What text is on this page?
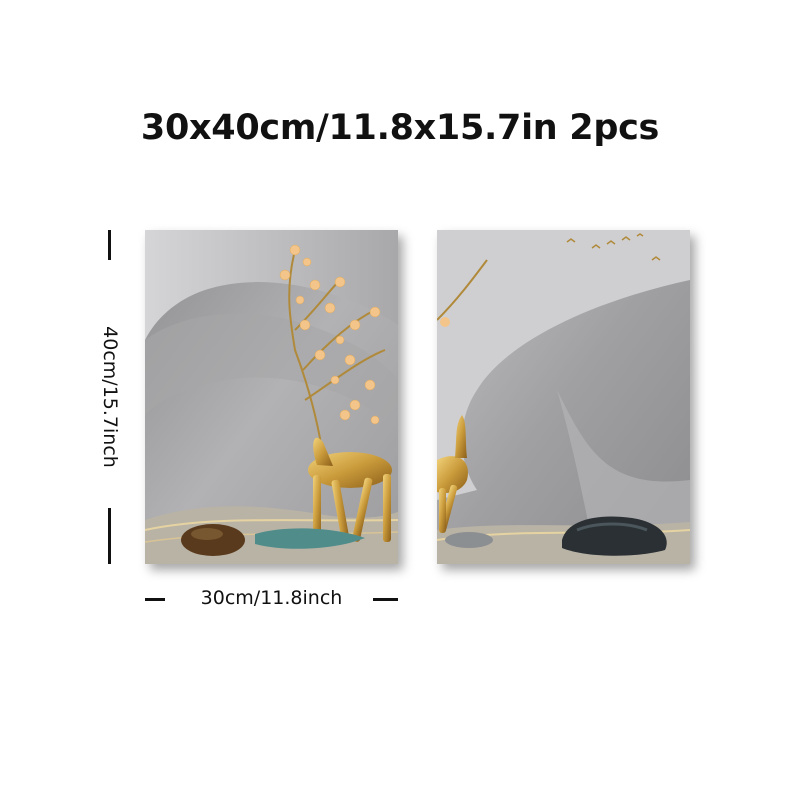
30x40cm/11.8x15.7in 2pcs
40cm/15.7inch
30cm/11.8inch
